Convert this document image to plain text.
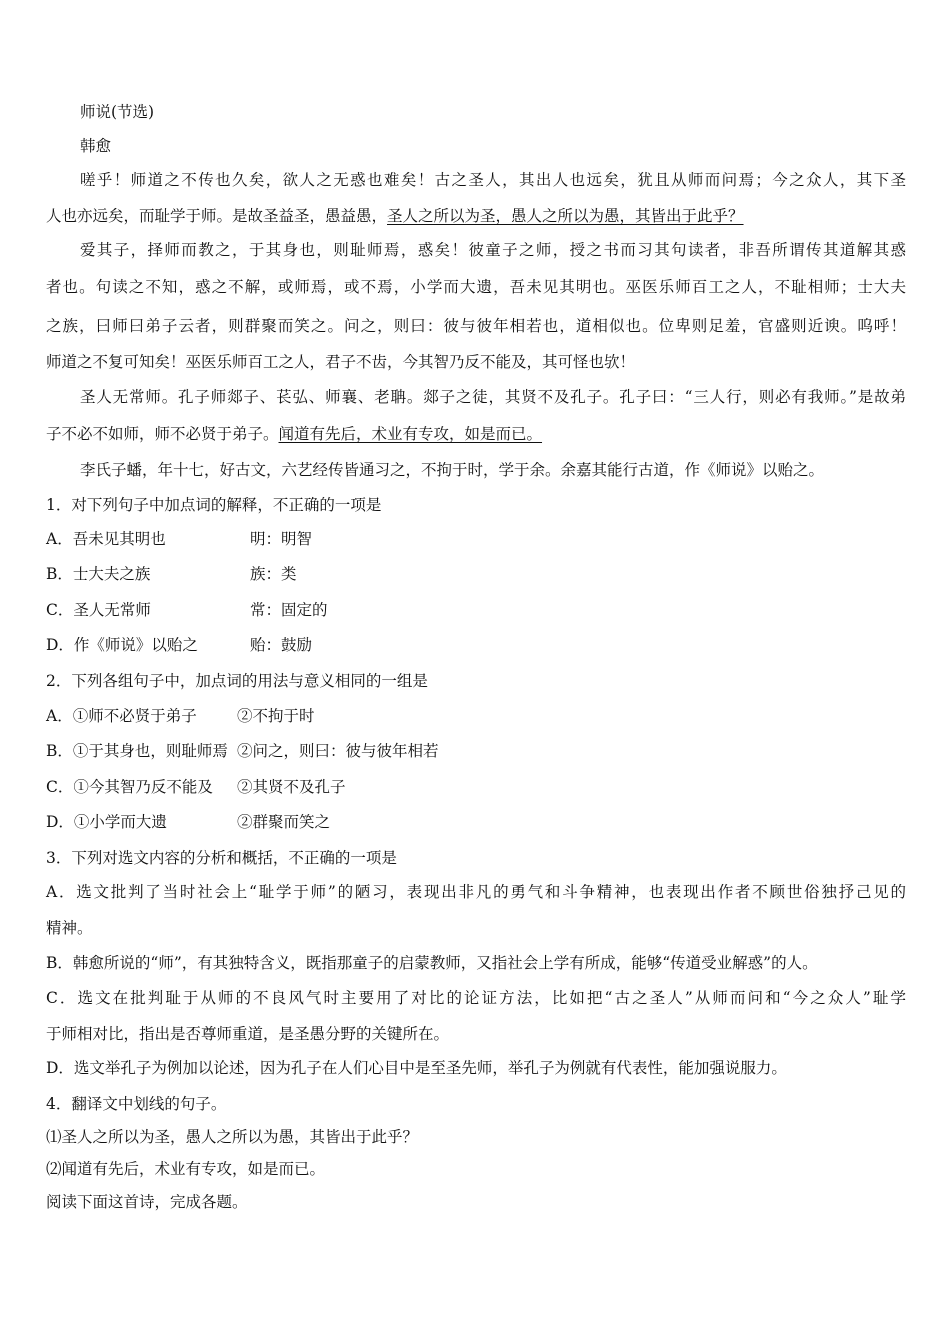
师说(节选)
韩愈
嗟乎！师道之不传也久矣，欲人之无惑也难矣！古之圣人，其出人也远矣，犹且从师而问焉；今之众人，其下圣
人也亦远矣，而耻学于师。是故圣益圣，愚益愚，圣人之所以为圣，愚人之所以为愚，其皆出于此乎？
爱其子，择师而教之，于其身也，则耻师焉，惑矣！彼童子之师，授之书而习其句读者，非吾所谓传其道解其惑
者也。句读之不知，惑之不解，或师焉，或不焉，小学而大遗，吾未见其明也。巫医乐师百工之人，不耻相师；士大夫
之族，曰师曰弟子云者，则群聚而笑之。问之，则曰：彼与彼年相若也，道相似也。位卑则足羞，官盛则近谀。呜呼！
师道之不复可知矣！巫医乐师百工之人，君子不齿，今其智乃反不能及，其可怪也欤！
圣人无常师。孔子师郯子、苌弘、师襄、老聃。郯子之徒，其贤不及孔子。孔子曰：“三人行，则必有我师。”是故弟
子不必不如师，师不必贤于弟子。闻道有先后，术业有专攻，如是而已。
李氏子蟠，年十七，好古文，六艺经传皆通习之，不拘于时，学于余。余嘉其能行古道，作《师说》以贻之。
1．对下列句子中加点词的解释，不正确的一项是
A．吾未见其明也	明：明智
B．士大夫之族	族：类
C．圣人无常师	常：固定的
D．作《师说》以贻之	贻：鼓励
2．下列各组句子中，加点词的用法与意义相同的一组是
A．①师不必贤于弟子	②不拘于时
B．①于其身也，则耻师焉 ②问之，则曰：彼与彼年相若
C．①今其智乃反不能及 ②其贤不及孔子
D．①小学而大遗	②群聚而笑之
3．下列对选文内容的分析和概括，不正确的一项是
A．选文批判了当时社会上“耻学于师”的陋习，表现出非凡的勇气和斗争精神，也表现出作者不顾世俗独抒己见的
精神。
B．韩愈所说的“师”，有其独特含义，既指那童子的启蒙教师，又指社会上学有所成，能够“传道受业解惑”的人。
C．选文在批判耻于从师的不良风气时主要用了对比的论证方法，比如把“古之圣人”从师而问和“今之众人”耻学
于师相对比，指出是否尊师重道，是圣愚分野的关键所在。
D．选文举孔子为例加以论述，因为孔子在人们心目中是至圣先师，举孔子为例就有代表性，能加强说服力。
4．翻译文中划线的句子。
⑴圣人之所以为圣，愚人之所以为愚，其皆出于此乎？
⑵闻道有先后，术业有专攻，如是而已。
阅读下面这首诗，完成各题。
